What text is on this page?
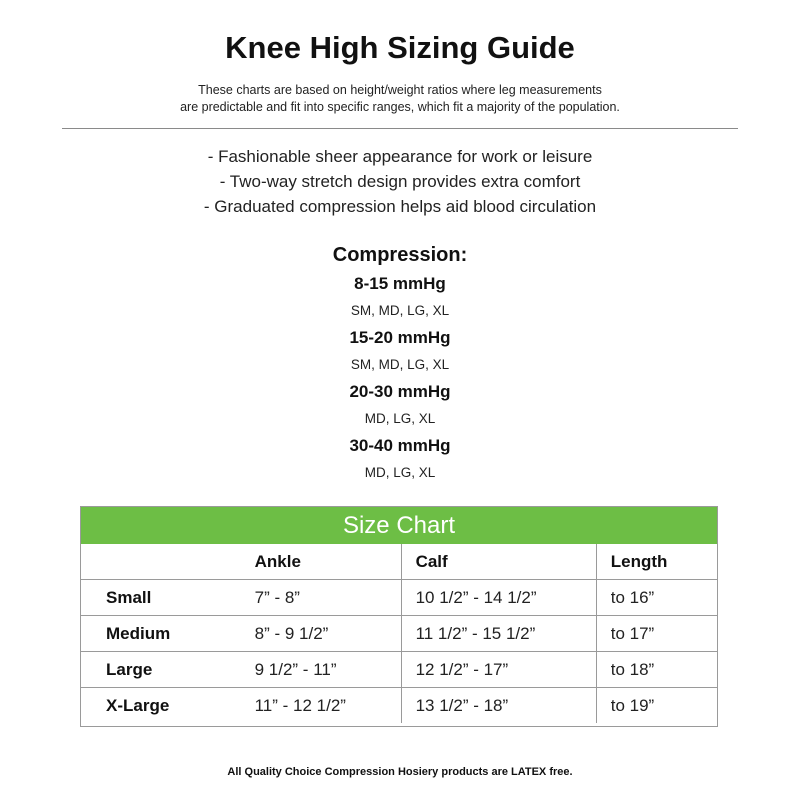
Knee High Sizing Guide
These charts are based on height/weight ratios where leg measurements
are predictable and fit into specific ranges, which fit a majority of the population.
- Fashionable sheer appearance for work or leisure
- Two-way stretch design provides extra comfort
- Graduated compression helps aid blood circulation
Compression:
8-15 mmHg
SM, MD, LG, XL
15-20 mmHg
SM, MD, LG, XL
20-30 mmHg
MD, LG, XL
30-40 mmHg
MD, LG, XL
Size Chart
	Ankle	Calf	Length
Small	7” - 8”	10 1/2” - 14 1/2”	to 16”
Medium	8” - 9 1/2”	11 1/2” - 15 1/2”	to 17”
Large	9 1/2” - 11”	12 1/2” - 17”	to 18”
X-Large	11” - 12 1/2”	13 1/2” - 18”	to 19”
All Quality Choice Compression Hosiery products are LATEX free.
